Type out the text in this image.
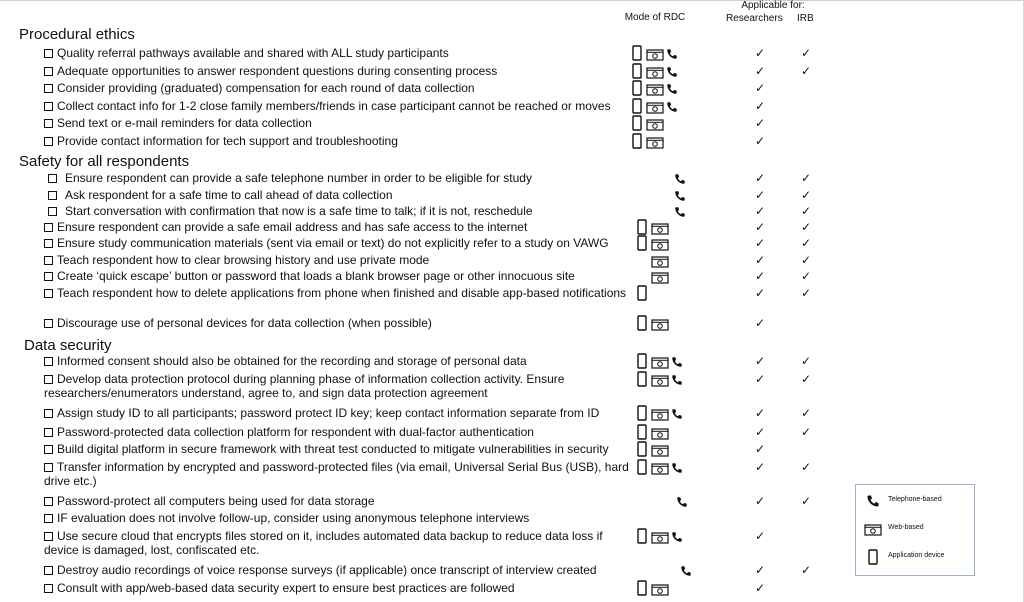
Mode of RDC
Applicable for:
Researchers	IRB
Procedural ethics
Quality referral pathways available and shared with ALL study participants	✓	✓
Adequate opportunities to answer respondent questions during consenting process	✓	✓
Consider providing (graduated) compensation for each round of data collection	✓
Collect contact info for 1-2 close family members/friends in case participant cannot be reached or moves	✓
Send text or e-mail reminders for data collection	✓
Provide contact information for tech support and troubleshooting	✓
Safety for all respondents
Ensure respondent can provide a safe telephone number in order to be eligible for study	✓	✓
Ask respondent for a safe time to call ahead of data collection	✓	✓
Start conversation with confirmation that now is a safe time to talk; if it is not, reschedule	✓	✓
Ensure respondent can provide a safe email address and has safe access to the internet	✓	✓
Ensure study communication materials (sent via email or text) do not explicitly refer to a study on VAWG	✓	✓
Teach respondent how to clear browsing history and use private mode	✓	✓
Create ‘quick escape’ button or password that loads a blank browser page or other innocuous site	✓	✓
Teach respondent how to delete applications from phone when finished and disable app-based notifications	✓	✓
Discourage use of personal devices for data collection (when possible)	✓
Data security
Informed consent should also be obtained for the recording and storage of personal data	✓	✓
Develop data protection protocol during planning phase of information collection activity. Ensure researchers/enumerators understand, agree to, and sign data protection agreement
✓	✓
Assign study ID to all participants; password protect ID key; keep contact information separate from ID	✓	✓
Password-protected data collection platform for respondent with dual-factor authentication	✓	✓
Build digital platform in secure framework with threat test conducted to mitigate vulnerabilities in security	✓
Transfer information by encrypted and password-protected files (via email, Universal Serial Bus (USB), hard drive etc.)
✓	✓
Password-protect all computers being used for data storage	✓	✓
IF evaluation does not involve follow-up, consider using anonymous telephone interviews
Use secure cloud that encrypts files stored on it, includes automated data backup to reduce data loss if device is damaged, lost, confiscated etc.
✓
Destroy audio recordings of voice response surveys (if applicable) once transcript of interview created	✓	✓
Consult with app/web-based data security expert to ensure best practices are followed	✓
Telephone-based
Web-based
Application device
